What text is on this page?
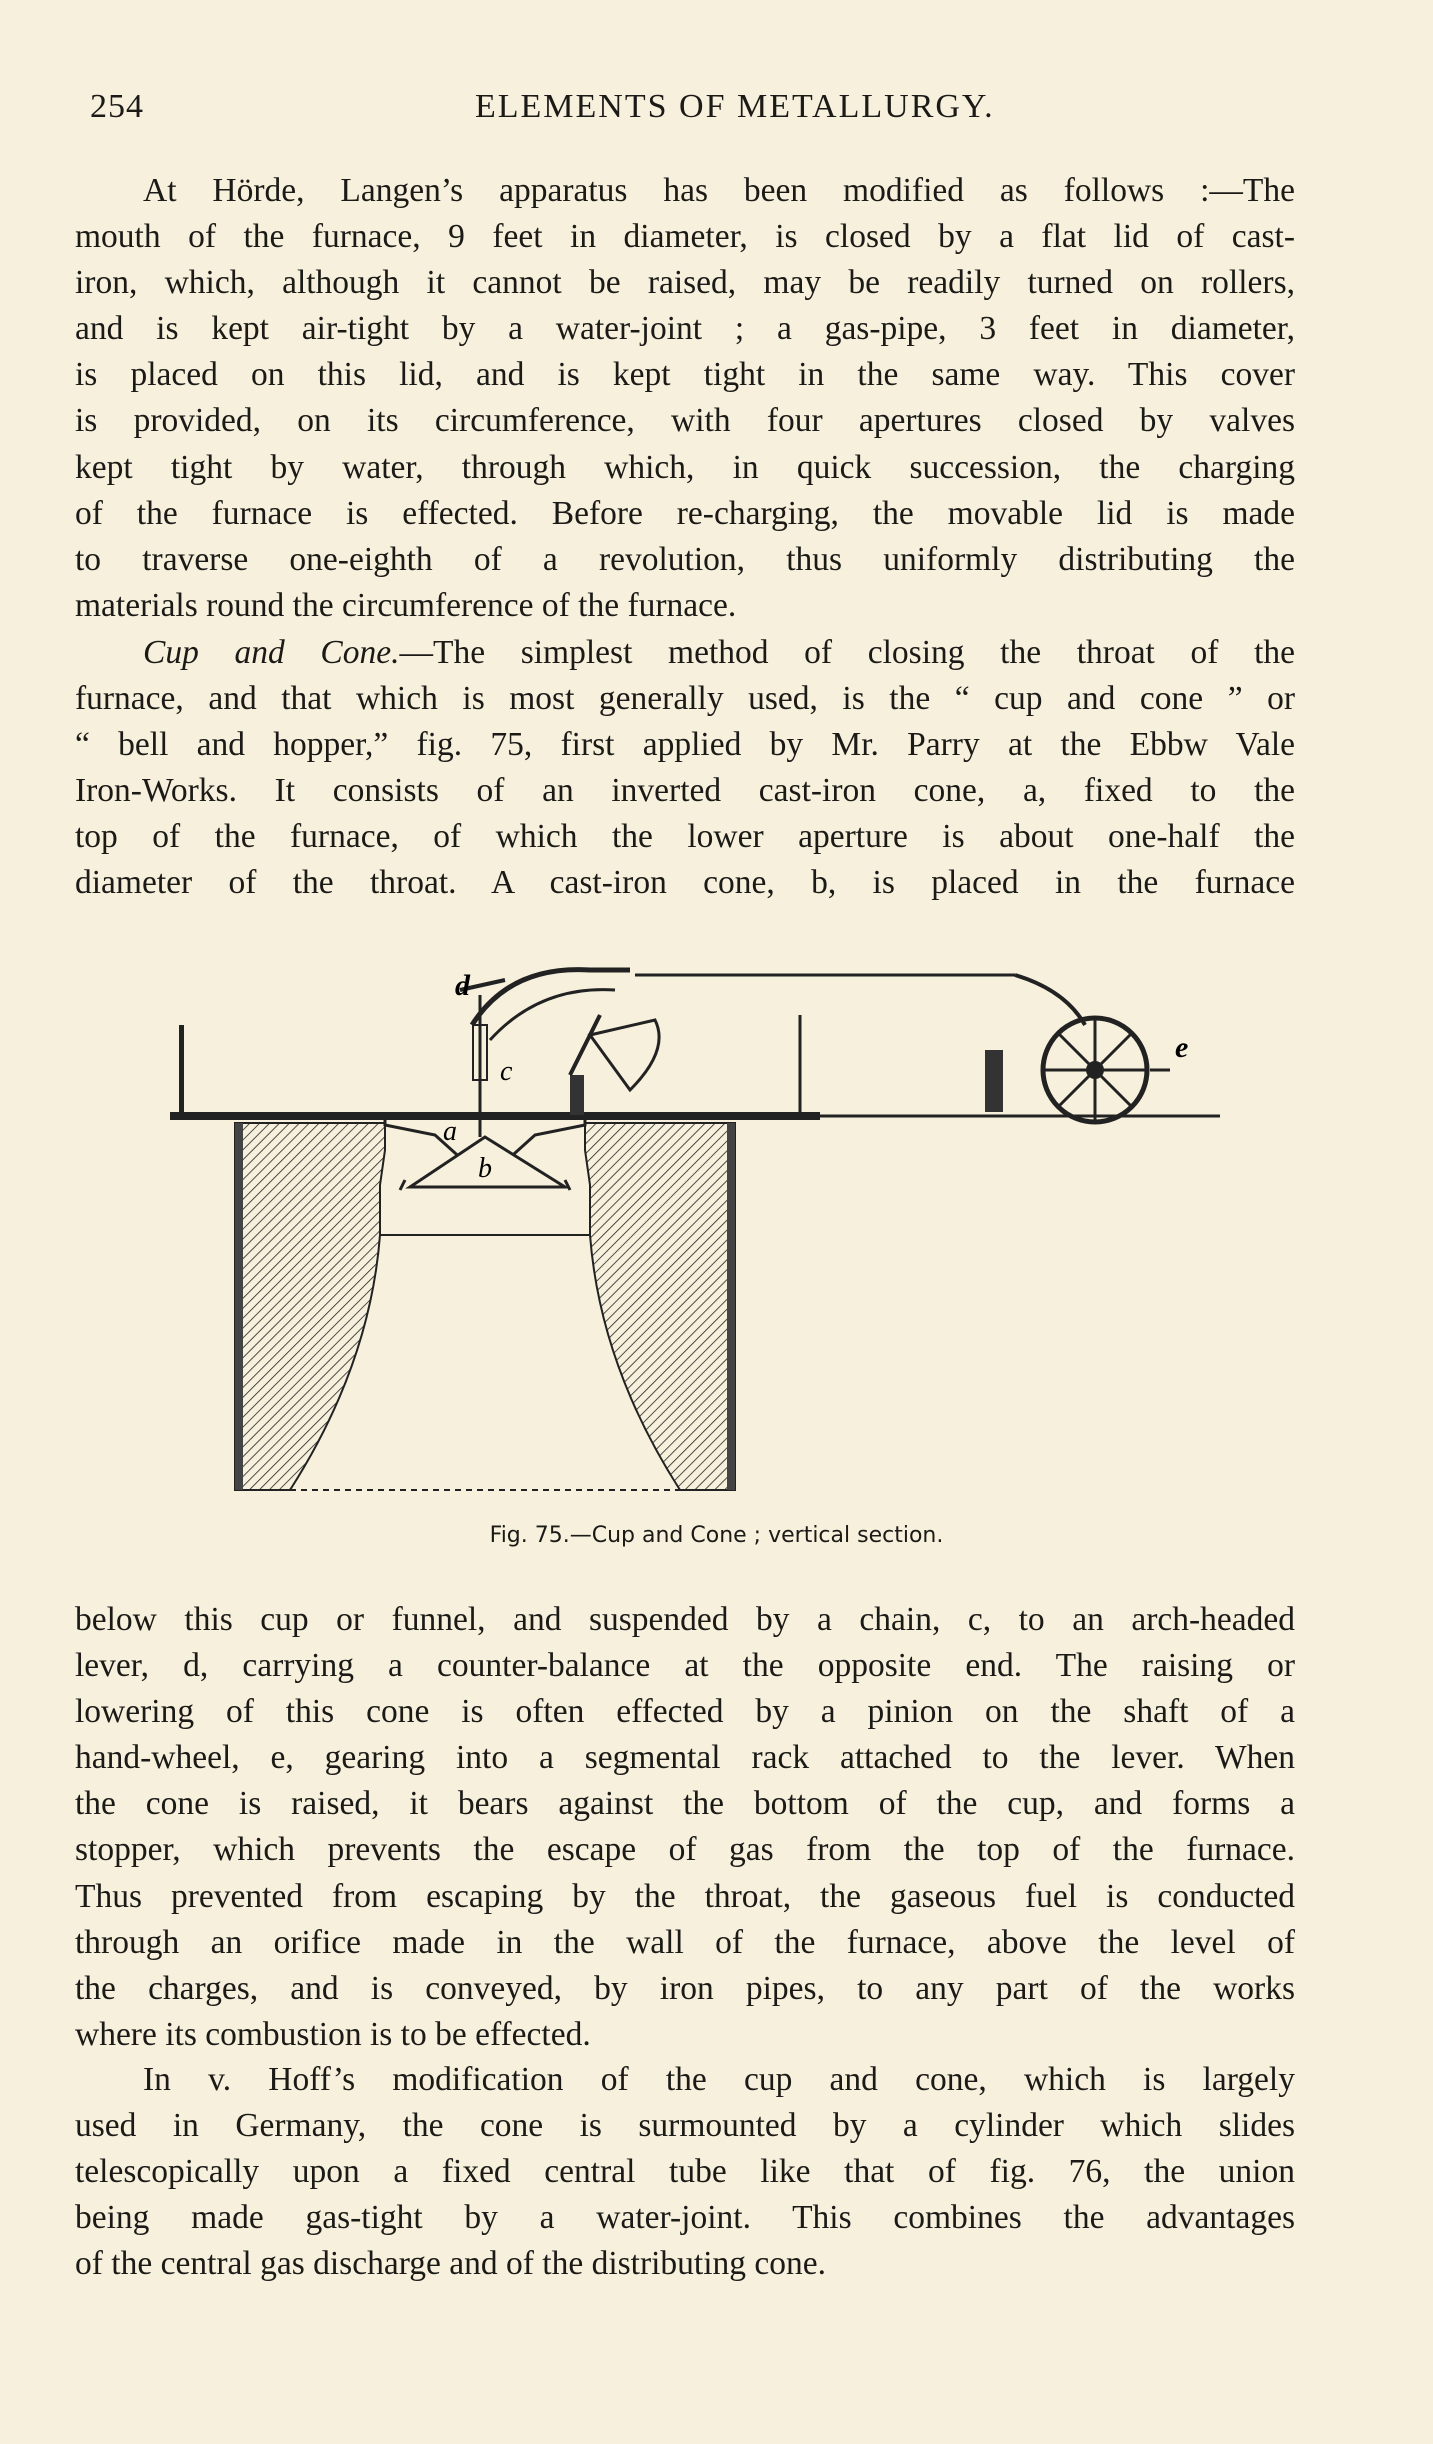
254	ELEMENTS OF METALLURGY.
At Hörde, Langen’s apparatus has been modified as follows :—The
mouth of the furnace, 9 feet in diameter, is closed by a flat lid of cast-
iron, which, although it cannot be raised, may be readily turned on rollers,
and is kept air-tight by a water-joint ; a gas-pipe, 3 feet in diameter,
is placed on this lid, and is kept tight in the same way. This cover
is provided, on its circumference, with four apertures closed by valves
kept tight by water, through which, in quick succession, the charging
of the furnace is effected. Before re-charging, the movable lid is made
to traverse one-eighth of a revolution, thus uniformly distributing the
materials round the circumference of the furnace.
Cup and Cone.—The simplest method of closing the throat of the
furnace, and that which is most generally used, is the “ cup and cone ” or
“ bell and hopper,” fig. 75, first applied by Mr. Parry at the Ebbw Vale
Iron-Works. It consists of an inverted cast-iron cone, a, fixed to the
top of the furnace, of which the lower aperture is about one-half the
diameter of the throat. A cast-iron cone, b, is placed in the furnace
d
c
a
b
e
Fig. 75.—Cup and Cone ; vertical section.
below this cup or funnel, and suspended by a chain, c, to an arch-headed
lever, d, carrying a counter-balance at the opposite end. The raising or
lowering of this cone is often effected by a pinion on the shaft of a
hand-wheel, e, gearing into a segmental rack attached to the lever. When
the cone is raised, it bears against the bottom of the cup, and forms a
stopper, which prevents the escape of gas from the top of the furnace.
Thus prevented from escaping by the throat, the gaseous fuel is conducted
through an orifice made in the wall of the furnace, above the level of
the charges, and is conveyed, by iron pipes, to any part of the works
where its combustion is to be effected.
In v. Hoff’s modification of the cup and cone, which is largely
used in Germany, the cone is surmounted by a cylinder which slides
telescopically upon a fixed central tube like that of fig. 76, the union
being made gas-tight by a water-joint. This combines the advantages
of the central gas discharge and of the distributing cone.
